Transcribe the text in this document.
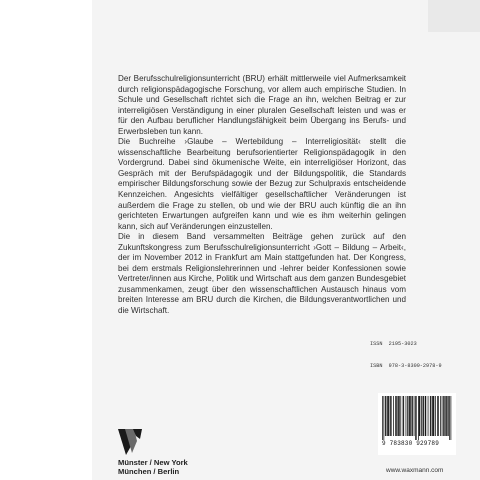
Der Berufsschulreligionsunterricht (BRU) erhält mittlerweile viel Aufmerksamkeit durch religionspädagogische Forschung, vor allem auch empirische Studien. In Schule und Gesellschaft richtet sich die Frage an ihn, welchen Beitrag er zur interreligiösen Verständigung in einer pluralen Gesellschaft leisten und was er für den Aufbau beruflicher Handlungsfähigkeit beim Übergang ins Berufs- und Erwerbsleben tun kann.

Die Buchreihe ›Glaube – Wertebildung – Interreligiosität‹ stellt die wissenschaftliche Bearbeitung berufsorientierter Religionspädagogik in den Vordergrund. Dabei sind ökumenische Weite, ein interreligiöser Horizont, das Gespräch mit der Berufspädagogik und der Bildungspolitik, die Standards empirischer Bildungsforschung sowie der Bezug zur Schulpraxis entscheidende Kennzeichen. Angesichts vielfältiger gesellschaftlicher Veränderungen ist außerdem die Frage zu stellen, ob und wie der BRU auch künftig die an ihn gerichteten Erwartungen aufgreifen kann und wie es ihm weiterhin gelingen kann, sich auf Veränderungen einzustellen.

Die in diesem Band versammelten Beiträge gehen zurück auf den Zukunftskongress zum Berufsschulreligionsunterricht ›Gott – Bildung – Arbeit‹, der im November 2012 in Frankfurt am Main stattgefunden hat. Der Kongress, bei dem erstmals Religionslehrerinnen und -lehrer beider Konfessionen sowie Vertreter/innen aus Kirche, Politik und Wirtschaft aus dem ganzen Bundesgebiet zusammenkamen, zeugt über den wissenschaftlichen Austausch hinaus vom breiten Interesse am BRU durch die Kirchen, die Bildungsverantwortlichen und die Wirtschaft.

ISSN  2195-3023

ISBN  978-3-8309-2978-9

Münster / New York
München / Berlin
9 783830 929789
www.waxmann.com
